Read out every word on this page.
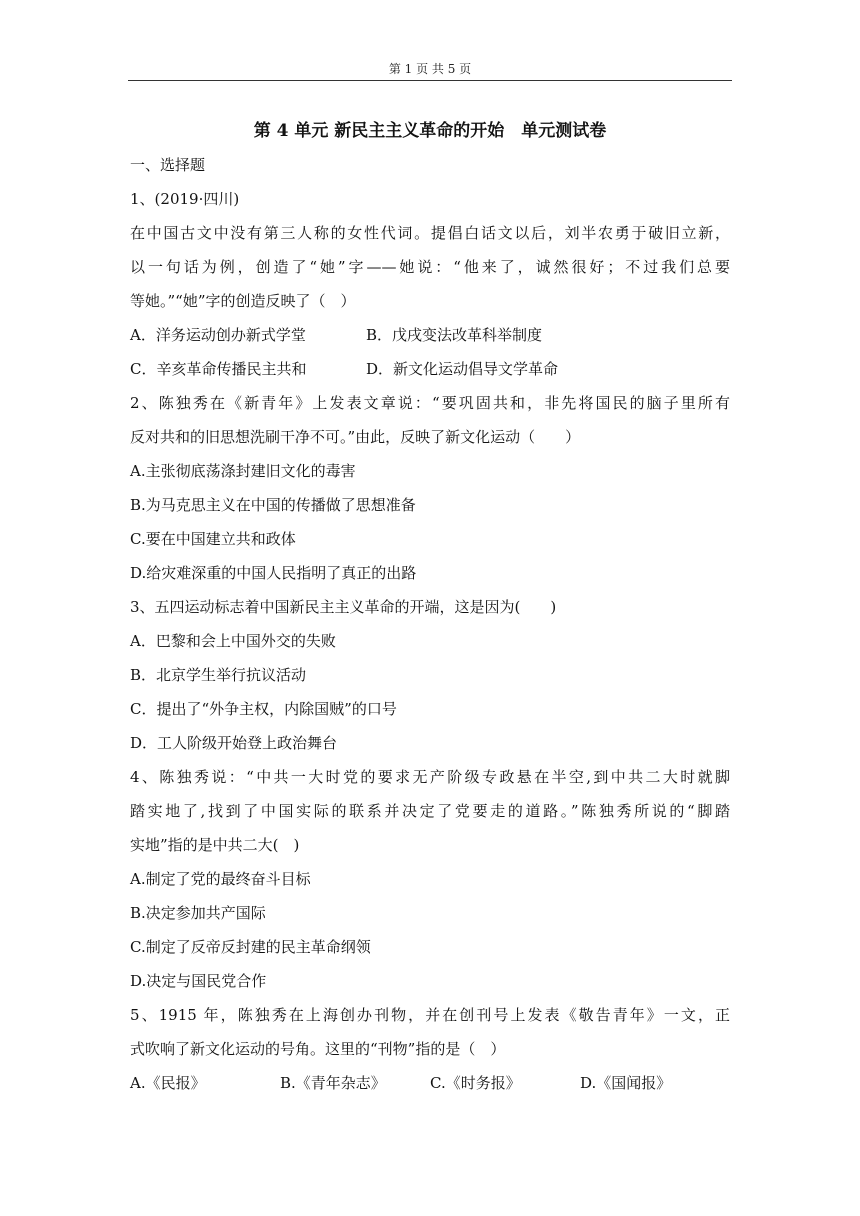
第 1 页 共 5 页
第 4 单元 新民主主义革命的开始　单元测试卷
一、选择题
1、(2019·四川)
在中国古文中没有第三人称的女性代词。提倡白话文以后，刘半农勇于破旧立新，
以一句话为例，创造了“她”字——她说：“他来了，诚然很好；不过我们总要
等她。”“她”字的创造反映了（　）
A．洋务运动创办新式学堂	B．戊戌变法改革科举制度
C．辛亥革命传播民主共和	D．新文化运动倡导文学革命
2、陈独秀在《新青年》上发表文章说：“要巩固共和，非先将国民的脑子里所有
反对共和的旧思想洗刷干净不可。”由此，反映了新文化运动（　　）
A.主张彻底荡涤封建旧文化的毒害
B.为马克思主义在中国的传播做了思想准备
C.要在中国建立共和政体
D.给灾难深重的中国人民指明了真正的出路
3、五四运动标志着中国新民主主义革命的开端，这是因为(　　)
A．巴黎和会上中国外交的失败
B．北京学生举行抗议活动
C．提出了“外争主权，内除国贼”的口号
D．工人阶级开始登上政治舞台
4、陈独秀说：“中共一大时党的要求无产阶级专政悬在半空,到中共二大时就脚
踏实地了,找到了中国实际的联系并决定了党要走的道路。”陈独秀所说的“脚踏
实地”指的是中共二大(　)
A.制定了党的最终奋斗目标
B.决定参加共产国际
C.制定了反帝反封建的民主革命纲领
D.决定与国民党合作
5、1915 年，陈独秀在上海创办刊物，并在创刊号上发表《敬告青年》一文，正
式吹响了新文化运动的号角。这里的“刊物”指的是（　）
A.《民报》	B.《青年杂志》	C.《时务报》	D.《国闻报》
